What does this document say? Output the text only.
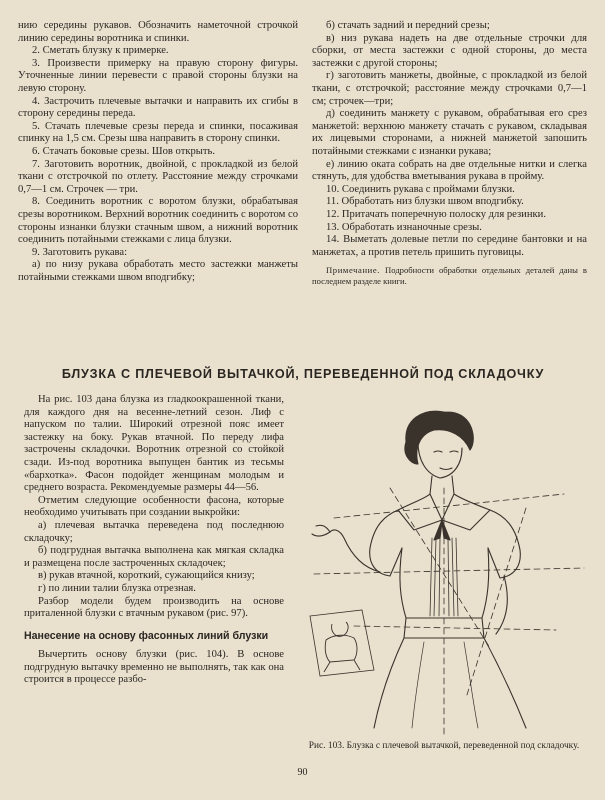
нию середины рукавов. Обозначить наметочной строчкой линию середины воротника и спинки.

2. Сметать блузку к примерке.

3. Произвести примерку на правую сторону фигуры. Уточненные линии перевести с правой стороны блузки на левую сторону.

4. Застрочить плечевые вытачки и направить их сгибы в сторону середины переда.

5. Стачать плечевые срезы переда и спинки, посаживая спинку на 1,5 см. Срезы шва направить в сторону спинки.

6. Стачать боковые срезы. Шов открыть.

7. Заготовить воротник, двойной, с прокладкой из белой ткани с отстрочкой по отлету. Расстояние между строчками 0,7—1 см. Строчек — три.

8. Соединить воротник с воротом блузки, обрабатывая срезы воротником. Верхний воротник соединить с воротом со стороны изнанки блузки стачным швом, а нижний воротник соединить потайными стежками с лица блузки.

9. Заготовить рукава:

а) по низу рукава обработать место застежки манжеты потайными стежками швом вподгибку;

б) стачать задний и передний срезы;

в) низ рукава надеть на две отдельные строчки для сборки, от места застежки с одной стороны, до места застежки с другой стороны;

г) заготовить манжеты, двойные, с прокладкой из белой ткани, с отстрочкой; расстояние между строчками 0,7—1 см; строчек—три;

д) соединить манжету с рукавом, обрабатывая его срез манжетой: верхнюю манжету стачать с рукавом, складывая их лицевыми сторонами, а нижней манжетой запошить потайными стежками с изнанки рукава;

е) линию оката собрать на две отдельные нитки и слегка стянуть, для удобства вметывания рукава в пройму.

10. Соединить рукава с проймами блузки.

11. Обработать низ блузки швом вподгибку.

12. Притачать поперечную полоску для резинки.

13. Обработать изнаночные срезы.

14. Выметать долевые петли по середине бантовки и на манжетах, а против петель пришить пуговицы.

Примечание. Подробности обработки отдельных деталей даны в последнем разделе книги.

БЛУЗКА С ПЛЕЧЕВОЙ ВЫТАЧКОЙ, ПЕРЕВЕДЕННОЙ ПОД СКЛАДОЧКУ

На рис. 103 дана блузка из гладкоокрашенной ткани, для каждого дня на весенне-летний сезон. Лиф с напуском по талии. Широкий отрезной пояс имеет застежку на боку. Рукав втачной. По переду лифа застрочены складочки. Воротник отрезной со стойкой сзади. Из-под воротника выпущен бантик из тесьмы «бархотка». Фасон подойдет женщинам молодым и среднего возраста. Рекомендуемые размеры 44—56.

Отметим следующие особенности фасона, которые необходимо учитывать при создании выкройки:

а) плечевая вытачка переведена под последнюю складочку;

б) подгрудная вытачка выполнена как мягкая складка и размещена после застроченных складочек;

в) рукав втачной, короткий, сужающийся книзу;

г) по линии талии блузка отрезная.

Разбор модели будем производить на основе приталенной блузки с втачным рукавом (рис. 97).

Нанесение на основу фасонных линий блузки

Вычертить основу блузки (рис. 104). В основе подгрудную вытачку временно не выполнять, так как она строится в процессе разбо-

Рис. 103. Блузка с плечевой вытачкой, переведенной под складочку.
90
